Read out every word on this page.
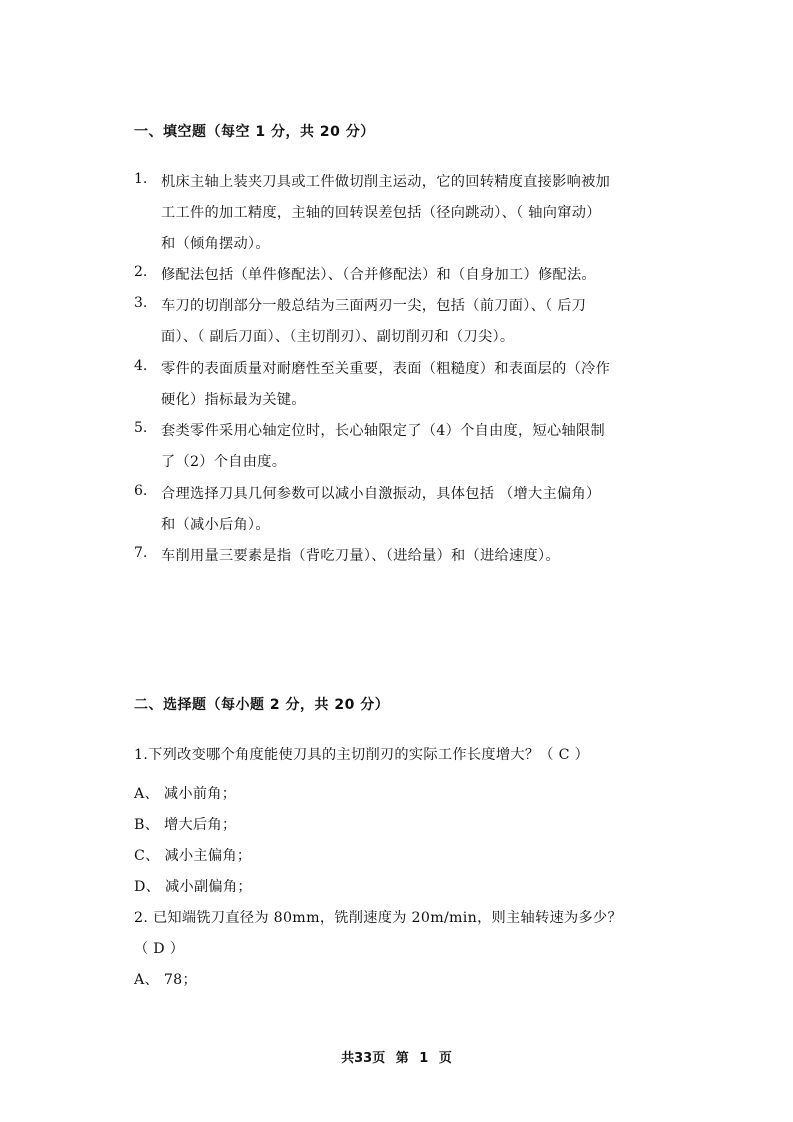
一、填空题（每空 1 分，共 20 分）
1. 机床主轴上装夹刀具或工件做切削主运动，它的回转精度直接影响被加
工工件的加工精度，主轴的回转误差包括（径向跳动）、（ 轴向窜动）
和（倾角摆动）。
2. 修配法包括（单件修配法）、（合并修配法）和（自身加工）修配法。
3. 车刀的切削部分一般总结为三面两刃一尖，包括（前刀面）、（ 后刀
面）、（ 副后刀面）、（主切削刃）、副切削刃和（刀尖）。
4. 零件的表面质量对耐磨性至关重要，表面（粗糙度）和表面层的（冷作
硬化）指标最为关键。
5. 套类零件采用心轴定位时，长心轴限定了（4）个自由度，短心轴限制
了（2）个自由度。
6. 合理选择刀具几何参数可以减小自激振动，具体包括 （增大主偏角）
和（减小后角）。
7. 车削用量三要素是指（背吃刀量）、（进给量）和（进给速度）。
二、选择题（每小题 2 分，共 20 分）
1.下列改变哪个角度能使刀具的主切削刃的实际工作长度增大？（ C ）
A、 减小前角；
B、 增大后角；
C、 减小主偏角；
D、 减小副偏角；
2. 已知端铣刀直径为 80mm，铣削速度为 20m/min，则主轴转速为多少？
（ D ）
A、 78；
共33页 第 1 页
